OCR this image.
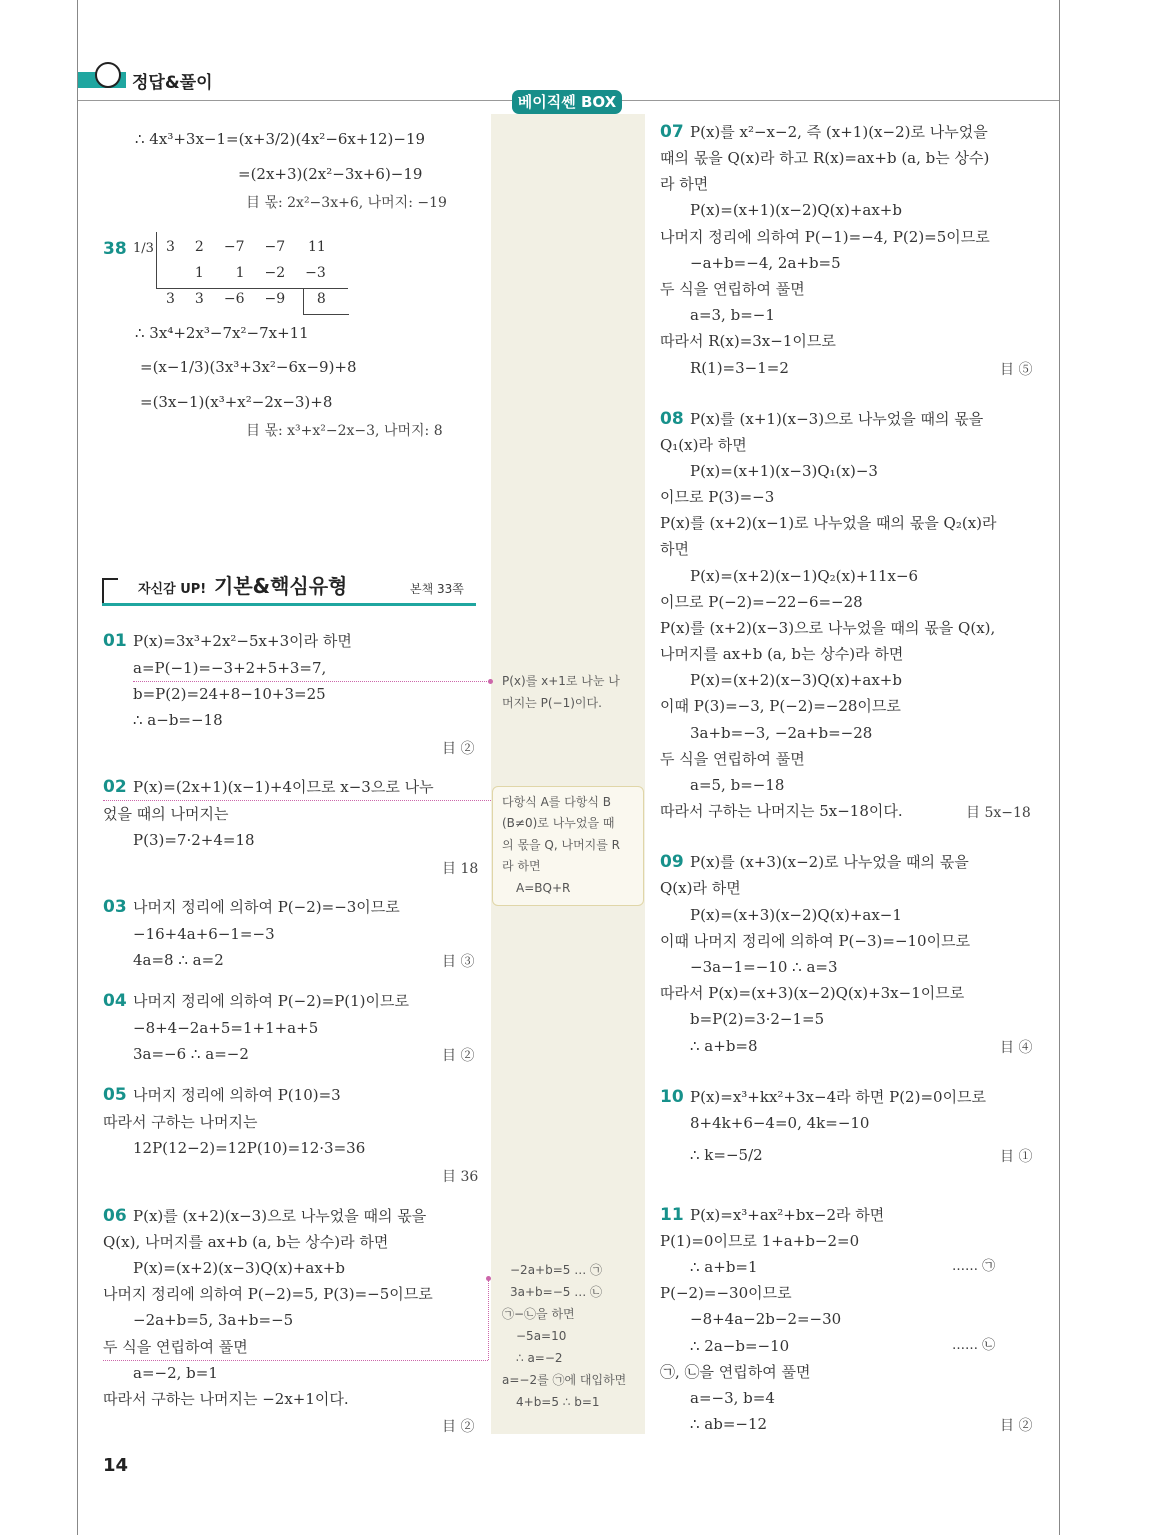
정답&풀이
베이직쎈 BOX
∴ 4x³+3x−1=(x+3/2)(4x²−6x+12)−19
=(2x+3)(2x²−3x+6)−19
目 몫: 2x²−3x+6, 나머지: −19
38 1/3 3	2	−7	−7	11
	1	1	−2	−3
3	3	−6	−9	8
∴ 3x⁴+2x³−7x²−7x+11
=(x−1/3)(3x³+3x²−6x−9)+8
=(3x−1)(x³+x²−2x−3)+8
目 몫: x³+x²−2x−3, 나머지: 8
자신감 UP! 기본&핵심유형	본책 33쪽
01 P(x)=3x³+2x²−5x+3이라 하면
a=P(−1)=−3+2+5+3=7,
b=P(2)=24+8−10+3=25
∴ a−b=−18
目 ②
P(x)를 x+1로 나눈 나
머지는 P(−1)이다.
02 P(x)=(2x+1)(x−1)+4이므로 x−3으로 나누
었을 때의 나머지는
P(3)=7·2+4=18
目 18
다항식 A를 다항식 B
(B≠0)로 나누었을 때
의 몫을 Q, 나머지를 R
라 하면
A=BQ+R
03 나머지 정리에 의하여 P(−2)=−3이므로
−16+4a+6−1=−3
4a=8 ∴ a=2	目 ③
04 나머지 정리에 의하여 P(−2)=P(1)이므로
−8+4−2a+5=1+1+a+5
3a=−6 ∴ a=−2	目 ②
05 나머지 정리에 의하여 P(10)=3
따라서 구하는 나머지는
12P(12−2)=12P(10)=12·3=36
目 36
06 P(x)를 (x+2)(x−3)으로 나누었을 때의 몫을
Q(x), 나머지를 ax+b (a, b는 상수)라 하면
P(x)=(x+2)(x−3)Q(x)+ax+b
나머지 정리에 의하여 P(−2)=5, P(3)=−5이므로
−2a+b=5, 3a+b=−5
두 식을 연립하여 풀면
a=−2, b=1
따라서 구하는 나머지는 −2x+1이다.
目 ②
−2a+b=5 … ㉠
3a+b=−5 … ㉡
㉠−㉡을 하면
−5a=10
∴ a=−2
a=−2를 ㉠에 대입하면
4+b=5 ∴ b=1
07 P(x)를 x²−x−2, 즉 (x+1)(x−2)로 나누었을
때의 몫을 Q(x)라 하고 R(x)=ax+b (a, b는 상수)
라 하면
P(x)=(x+1)(x−2)Q(x)+ax+b
나머지 정리에 의하여 P(−1)=−4, P(2)=5이므로
−a+b=−4, 2a+b=5
두 식을 연립하여 풀면
a=3, b=−1
따라서 R(x)=3x−1이므로
R(1)=3−1=2	目 ⑤
08 P(x)를 (x+1)(x−3)으로 나누었을 때의 몫을
Q₁(x)라 하면
P(x)=(x+1)(x−3)Q₁(x)−3
이므로 P(3)=−3
P(x)를 (x+2)(x−1)로 나누었을 때의 몫을 Q₂(x)라
하면
P(x)=(x+2)(x−1)Q₂(x)+11x−6
이므로 P(−2)=−22−6=−28
P(x)를 (x+2)(x−3)으로 나누었을 때의 몫을 Q(x),
나머지를 ax+b (a, b는 상수)라 하면
P(x)=(x+2)(x−3)Q(x)+ax+b
이때 P(3)=−3, P(−2)=−28이므로
3a+b=−3, −2a+b=−28
두 식을 연립하여 풀면
a=5, b=−18
따라서 구하는 나머지는 5x−18이다.	目 5x−18
09 P(x)를 (x+3)(x−2)로 나누었을 때의 몫을
Q(x)라 하면
P(x)=(x+3)(x−2)Q(x)+ax−1
이때 나머지 정리에 의하여 P(−3)=−10이므로
−3a−1=−10 ∴ a=3
따라서 P(x)=(x+3)(x−2)Q(x)+3x−1이므로
b=P(2)=3·2−1=5
∴ a+b=8	目 ④
10 P(x)=x³+kx²+3x−4라 하면 P(2)=0이므로
8+4k+6−4=0, 4k=−10
∴ k=−5/2	目 ①
11 P(x)=x³+ax²+bx−2라 하면
P(1)=0이므로 1+a+b−2=0
∴ a+b=1	…… ㉠
P(−2)=−30이므로
−8+4a−2b−2=−30
∴ 2a−b=−10	…… ㉡
㉠, ㉡을 연립하여 풀면
a=−3, b=4
∴ ab=−12	目 ②
14
